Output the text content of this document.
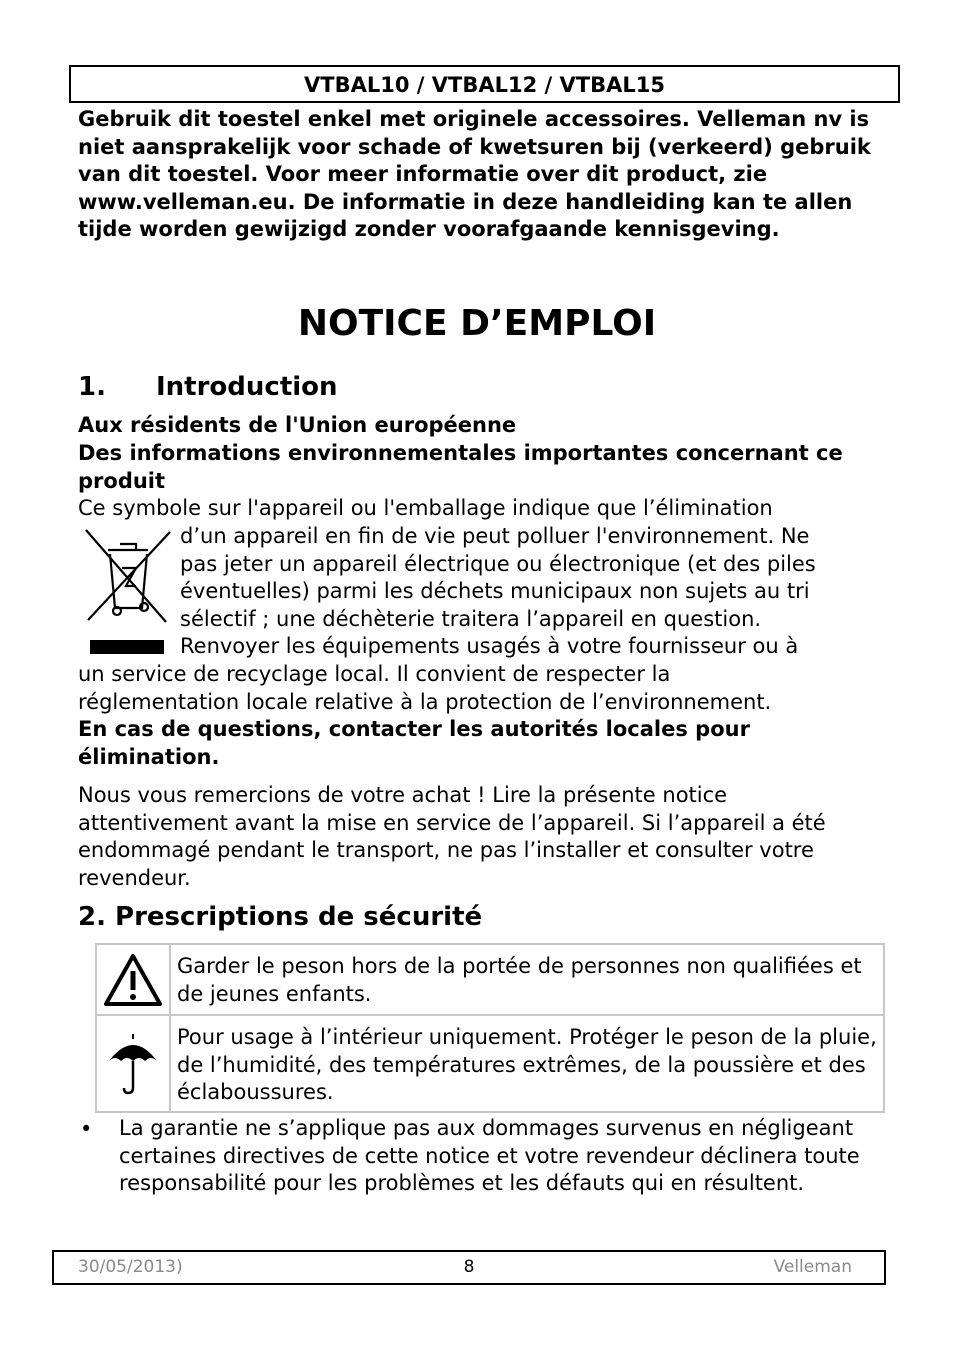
VTBAL10 / VTBAL12 / VTBAL15
Gebruik dit toestel enkel met originele accessoires. Velleman nv is niet aansprakelijk voor schade of kwetsuren bij (verkeerd) gebruik van dit toestel. Voor meer informatie over dit product, zie www.velleman.eu. De informatie in deze handleiding kan te allen tijde worden gewijzigd zonder voorafgaande kennisgeving.
NOTICE D’EMPLOI
1. Introduction
Aux résidents de l'Union européenne
Des informations environnementales importantes concernant ce produit
Ce symbole sur l'appareil ou l'emballage indique que l’élimination
d’un appareil en fin de vie peut polluer l'environnement. Ne
pas jeter un appareil électrique ou électronique (et des piles
éventuelles) parmi les déchets municipaux non sujets au tri
sélectif ; une déchèterie traitera l’appareil en question.
Renvoyer les équipements usagés à votre fournisseur ou à
un service de recyclage local. Il convient de respecter la
réglementation locale relative à la protection de l’environnement.
En cas de questions, contacter les autorités locales pour élimination.
Nous vous remercions de votre achat ! Lire la présente notice attentivement avant la mise en service de l’appareil. Si l’appareil a été endommagé pendant le transport, ne pas l’installer et consulter votre revendeur.
2. Prescriptions de sécurité
Garder le peson hors de la portée de personnes non qualifiées et de jeunes enfants.
Pour usage à l’intérieur uniquement. Protéger le peson de la pluie, de l’humidité, des températures extrêmes, de la poussière et des éclaboussures.
• La garantie ne s’applique pas aux dommages survenus en négligeant certaines directives de cette notice et votre revendeur déclinera toute responsabilité pour les problèmes et les défauts qui en résultent.
30/05/2013)	8	Velleman
